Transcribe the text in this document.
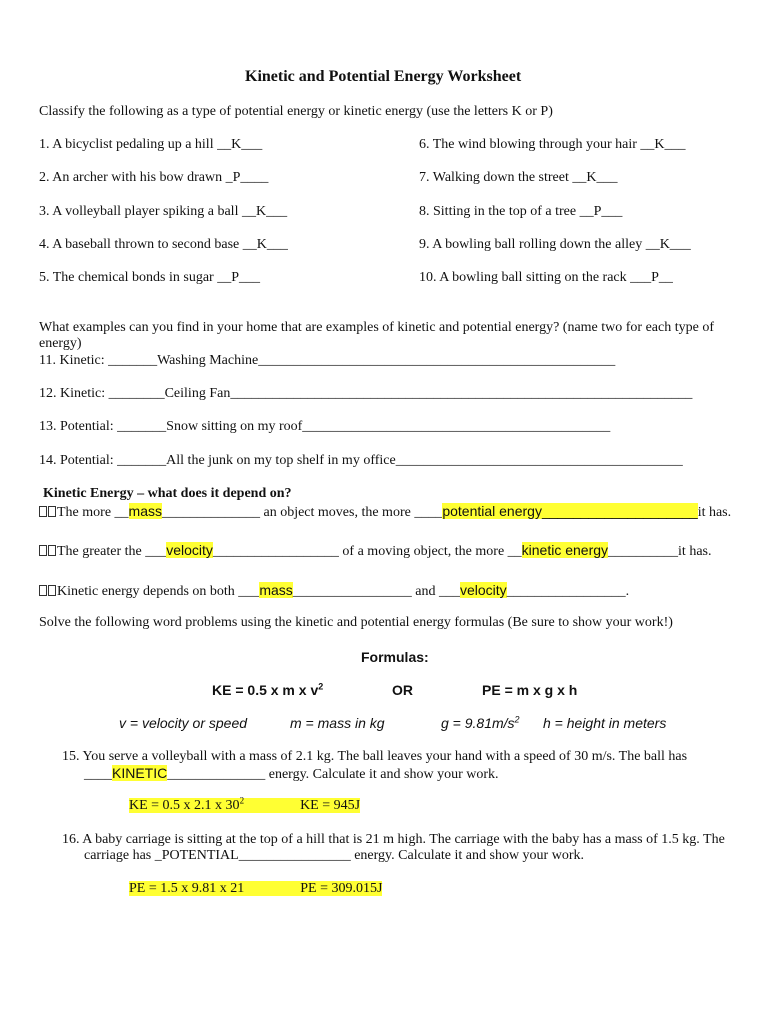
Kinetic and Potential Energy Worksheet
Classify the following as a type of potential energy or kinetic energy (use the letters K or P)
1. A bicyclist pedaling up a hill __K___
2. An archer with his bow drawn _P____
3. A volleyball player spiking a ball __K___
4. A baseball thrown to second base __K___
5. The chemical bonds in sugar __P___
6. The wind blowing through your hair __K___
7. Walking down the street __K___
8. Sitting in the top of a tree __P___
9. A bowling ball rolling down the alley __K___
10. A bowling ball sitting on the rack ___P__
What examples can you find in your home that are examples of kinetic and potential energy? (name two for each type of
energy)
11. Kinetic: _______Washing Machine___________________________________________________
12. Kinetic: ________Ceiling Fan__________________________________________________________________
13. Potential: _______Snow sitting on my roof____________________________________________
14. Potential: _______All the junk on my top shelf in my office_________________________________________
Kinetic Energy – what does it depend on?
The more __mass______________ an object moves, the more ____potential energy____________________it has.
The greater the ___velocity__________________ of a moving object, the more __kinetic energy__________it has.
Kinetic energy depends on both ___mass_________________ and ___velocity_________________.
Solve the following word problems using the kinetic and potential energy formulas (Be sure to show your work!)
Formulas:
KE = 0.5 x m x $v^2$	OR	PE = m x g x h
v = velocity or speed	m = mass in kg	$g = 9.81m/s^2$ h = height in meters
15. You serve a volleyball with a mass of 2.1 kg. The ball leaves your hand with a speed of 30 m/s. The ball has
____KINETIC______________ energy. Calculate it and show your work.
KE = 0.5 x 2.1 x $30^2$	KE = 945J
16. A baby carriage is sitting at the top of a hill that is 21 m high. The carriage with the baby has a mass of 1.5 kg. The
carriage has _POTENTIAL________________ energy. Calculate it and show your work.
PE = 1.5 x 9.81 x 21	PE = 309.015J
